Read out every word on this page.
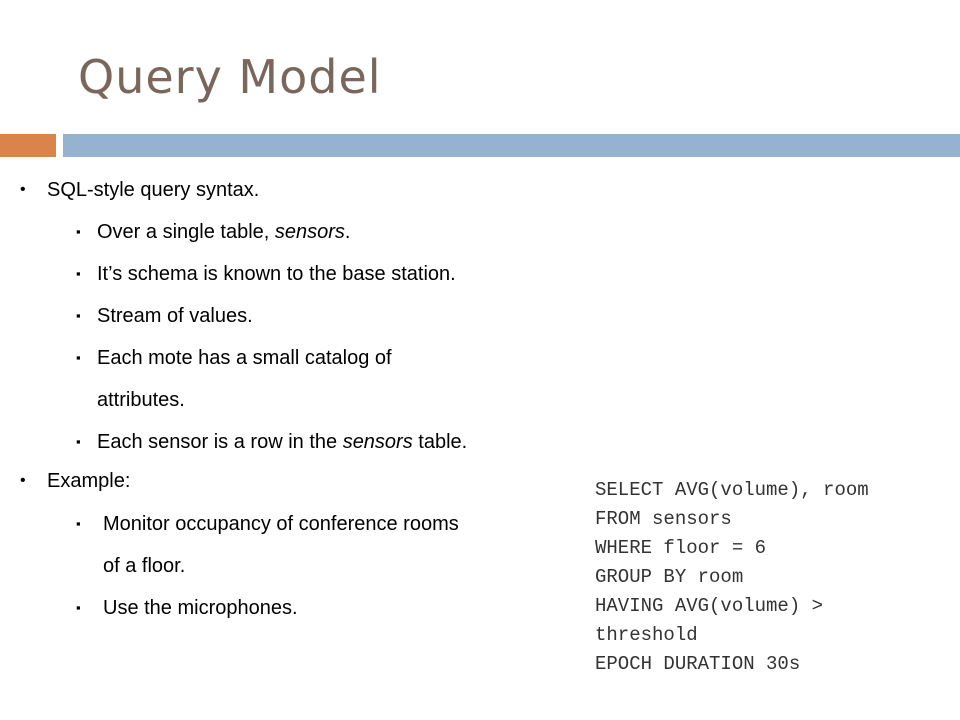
Query Model
• SQL-style query syntax.
▪ Over a single table, sensors.
▪ It’s schema is known to the base station.
▪ Stream of values.
▪ Each mote has a small catalog of
attributes.
▪ Each sensor is a row in the sensors table.
• Example:
▪ Monitor occupancy of conference rooms
of a floor.
▪ Use the microphones.
SELECT AVG(volume), room
FROM sensors
WHERE floor = 6
GROUP BY room
HAVING AVG(volume) >
threshold
EPOCH DURATION 30s
